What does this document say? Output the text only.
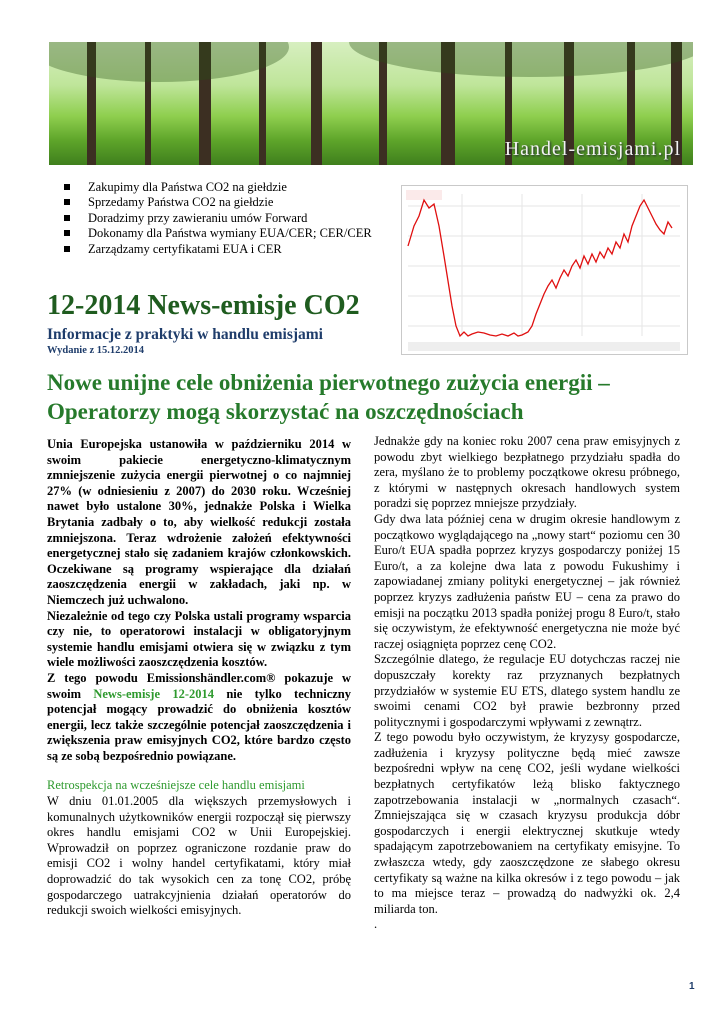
Handel-emisjami.pl
Zakupimy dla Państwa CO2 na giełdzie
Sprzedamy Państwa CO2 na giełdzie
Doradzimy przy zawieraniu umów Forward
Dokonamy dla Państwa wymiany EUA/CER; CER/CER
Zarządzamy certyfikatami EUA i CER
12-2014 News-emisje CO2
Informacje z praktyki w handlu emisjami
Wydanie z 15.12.2014
Nowe unijne cele obniżenia pierwotnego zużycia energii – Operatorzy mogą skorzystać na oszczędnościach

Unia Europejska ustanowiła w październiku 2014 w swoim pakiecie energetyczno-klimatycznym zmniejszenie zużycia energii pierwotnej o co najmniej 27% (w odniesieniu z 2007) do 2030 roku. Wcześniej nawet było ustalone 30%, jednakże Polska i Wielka Brytania zadbały o to, aby wielkość redukcji została zmniejszona. Teraz wdrożenie założeń efektywności energetycznej stało się zadaniem krajów członkowskich. Oczekiwane są programy wspierające dla działań zaoszczędzenia energii w zakładach, jaki np. w Niemczech już uchwalono.

Niezależnie od tego czy Polska ustali programy wsparcia czy nie, to operatorowi instalacji w obligatoryjnym systemie handlu emisjami otwiera się w związku z tym wiele możliwości zaoszczędzenia kosztów.

Z tego powodu Emissionshändler.com® pokazuje w swoim News-emisje 12-2014 nie tylko techniczny potencjał mogący prowadzić do obniżenia kosztów energii, lecz także szczególnie potencjał zaoszczędzenia i zwiększenia praw emisyjnych CO2, które bardzo często są ze sobą bezpośrednio powiązane.

Retrospekcja na wcześniejsze cele handlu emisjami

W dniu 01.01.2005 dla większych przemysłowych i komunalnych użytkowników energii rozpoczął się pierwszy okres handlu emisjami CO2 w Unii Europejskiej. Wprowadził on poprzez ograniczone rozdanie praw do emisji CO2 i wolny handel certyfikatami, który miał doprowadzić do tak wysokich cen za tonę CO2, próbę gospodarczego uatrakcyjnienia działań operatorów do redukcji swoich wielkości emisyjnych.

Jednakże gdy na koniec roku 2007 cena praw emisyjnych z powodu zbyt wielkiego bezpłatnego przydziału spadła do zera, myślano że to problemy początkowe okresu próbnego, z którymi w następnych okresach handlowych system poradzi się poprzez mniejsze przydziały.

Gdy dwa lata później cena w drugim okresie handlowym z początkowo wyglądającego na „nowy start“ poziomu cen 30 Euro/t EUA spadła poprzez kryzys gospodarczy poniżej 15 Euro/t, a za kolejne dwa lata z powodu Fukushimy i zapowiadanej zmiany polityki energetycznej – jak również poprzez kryzys zadłużenia państw EU – cena za prawo do emisji na początku 2013 spadła poniżej progu 8 Euro/t, stało się oczywistym, że efektywność energetyczna nie może być raczej osiągnięta poprzez cenę CO2.

Szczególnie dlatego, że regulacje EU dotychczas raczej nie dopuszczały korekty raz przyznanych bezpłatnych przydziałów w systemie EU ETS, dlatego system handlu ze swoimi cenami CO2 był prawie bezbronny przed politycznymi i gospodarczymi wpływami z zewnątrz.

Z tego powodu było oczywistym, że kryzysy gospodarcze, zadłużenia i kryzysy polityczne będą mieć zawsze bezpośredni wpływ na cenę CO2, jeśli wydane wielkości bezpłatnych certyfikatów leżą blisko faktycznego zapotrzebowania instalacji w „normalnych czasach“. Zmniejszająca się w czasach kryzysu produkcja dóbr gospodarczych i energii elektrycznej skutkuje wtedy spadającym zapotrzebowaniem na certyfikaty emisyjne. To zwłaszcza wtedy, gdy zaoszczędzone ze słabego okresu certyfikaty są ważne na kilka okresów i z tego powodu – jak to ma miejsce teraz – prowadzą do nadwyżki ok. 2,4 miliarda ton.

.

1
